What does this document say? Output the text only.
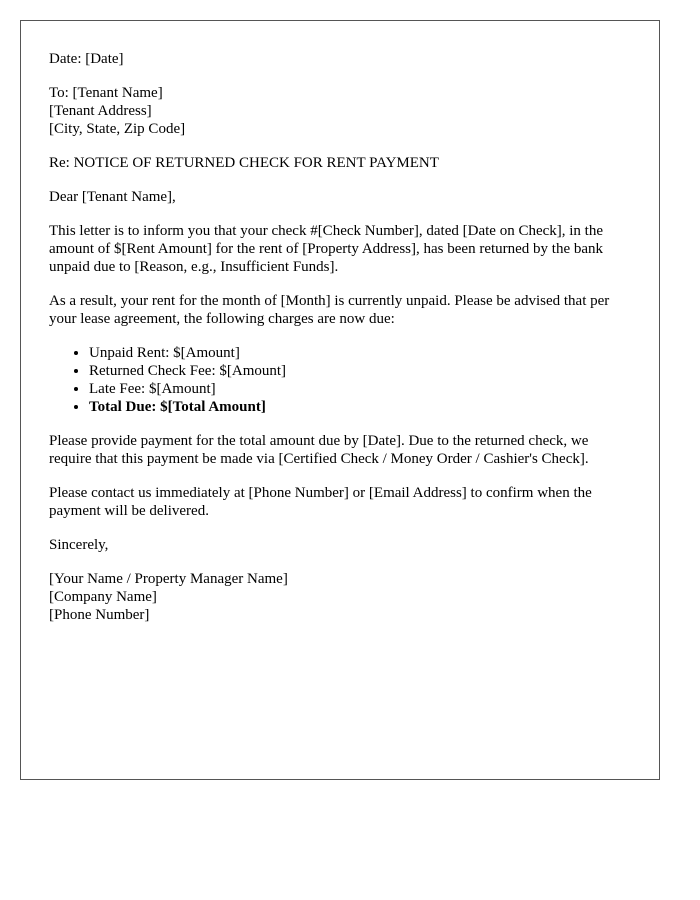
Date: [Date]

To: [Tenant Name]
[Tenant Address]
[City, State, Zip Code]

Re: NOTICE OF RETURNED CHECK FOR RENT PAYMENT

Dear [Tenant Name],

This letter is to inform you that your check #[Check Number], dated [Date on Check], in the amount of $[Rent Amount] for the rent of [Property Address], has been returned by the bank unpaid due to [Reason, e.g., Insufficient Funds].

As a result, your rent for the month of [Month] is currently unpaid. Please be advised that per your lease agreement, the following charges are now due:

• Unpaid Rent: $[Amount]
• Returned Check Fee: $[Amount]
• Late Fee: $[Amount]
• Total Due: $[Total Amount]

Please provide payment for the total amount due by [Date]. Due to the returned check, we require that this payment be made via [Certified Check / Money Order / Cashier's Check].

Please contact us immediately at [Phone Number] or [Email Address] to confirm when the payment will be delivered.

Sincerely,

[Your Name / Property Manager Name]
[Company Name]
[Phone Number]
